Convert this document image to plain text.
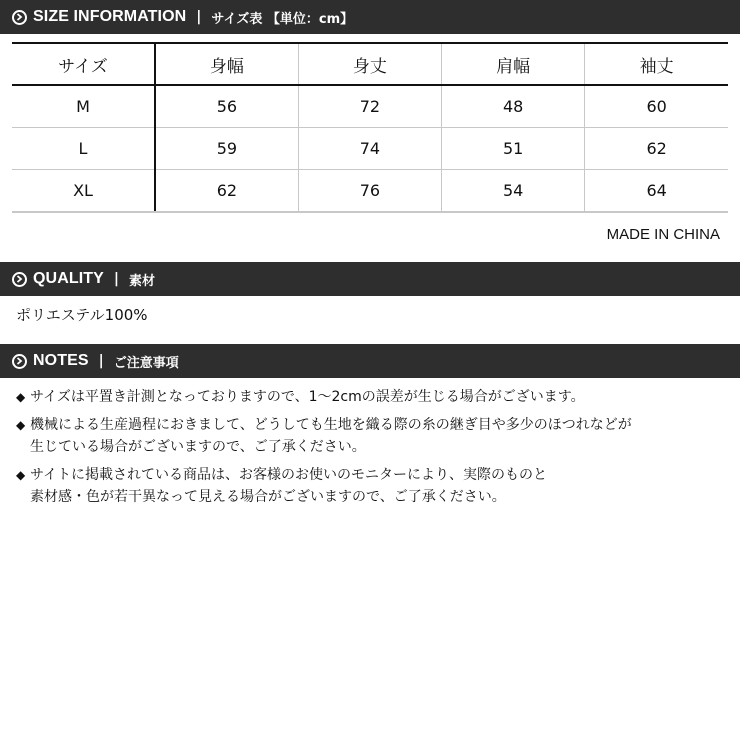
SIZE INFORMATION | サイズ表 【単位：cm】
サイズ	身幅	身丈	肩幅	袖丈
M	56	72	48	60
L	59	74	51	62
XL	62	76	54	64
MADE IN CHINA
QUALITY | 素材
ポリエステル100%
NOTES | ご注意事項
◆ サイズは平置き計測となっておりますので、1～2cmの誤差が生じる場合がございます。
◆ 機械による生産過程におきまして、どうしても生地を織る際の糸の継ぎ目や多少のほつれなどが
生じている場合がございますので、ご了承ください。
◆ サイトに掲載されている商品は、お客様のお使いのモニターにより、実際のものと
素材感・色が若干異なって見える場合がございますので、ご了承ください。
